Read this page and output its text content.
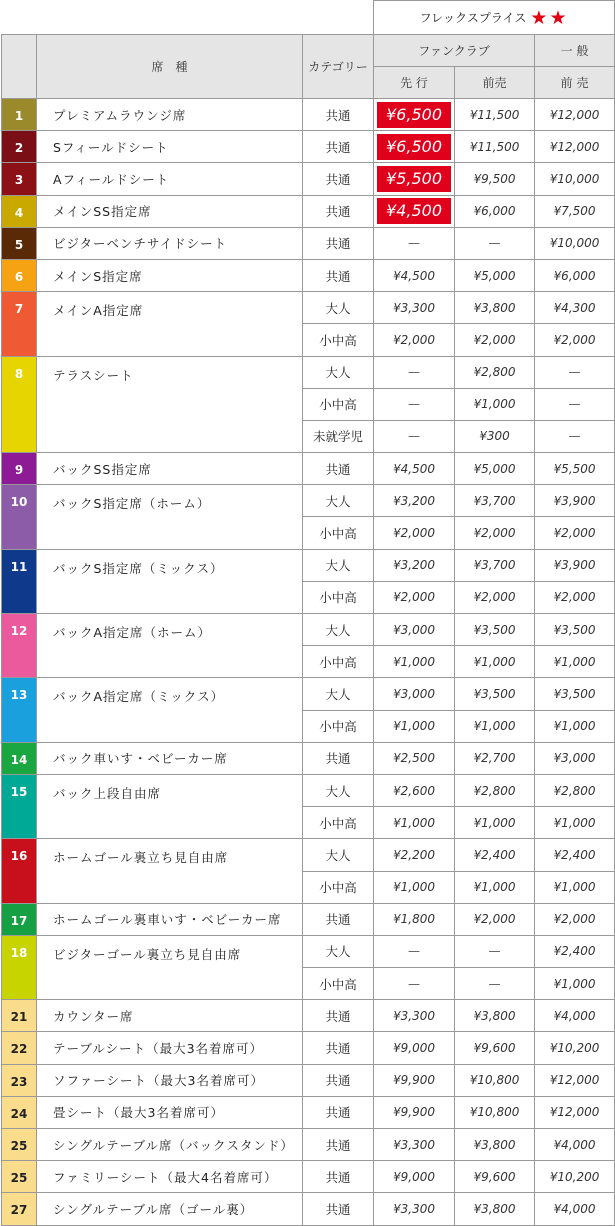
			フレックスプライス ★★		
	席　種	カテゴリー	ファンクラブ		一 般
			先 行	前売	前 売
1	プレミアムラウンジ席	共通	¥6,500	¥11,500	¥12,000
2	Sフィールドシート	共通	¥6,500	¥11,500	¥12,000
3	Aフィールドシート	共通	¥5,500	¥9,500	¥10,000
4	メインSS指定席	共通	¥4,500	¥6,000	¥7,500
5	ビジターベンチサイドシート	共通	—	—	¥10,000
6	メインS指定席	共通	¥4,500	¥5,000	¥6,000
7	メインA指定席	大人	¥3,300	¥3,800	¥4,300
		小中高	¥2,000	¥2,000	¥2,000
8	テラスシート	大人	—	¥2,800	—
		小中高	—	¥1,000	—
		未就学児	—	¥300	—
9	バックSS指定席	共通	¥4,500	¥5,000	¥5,500
10	バックS指定席（ホーム）	大人	¥3,200	¥3,700	¥3,900
		小中高	¥2,000	¥2,000	¥2,000
11	バックS指定席（ミックス）	大人	¥3,200	¥3,700	¥3,900
		小中高	¥2,000	¥2,000	¥2,000
12	バックA指定席（ホーム）	大人	¥3,000	¥3,500	¥3,500
		小中高	¥1,000	¥1,000	¥1,000
13	バックA指定席（ミックス）	大人	¥3,000	¥3,500	¥3,500
		小中高	¥1,000	¥1,000	¥1,000
14	バック車いす・ベビーカー席	共通	¥2,500	¥2,700	¥3,000
15	バック上段自由席	大人	¥2,600	¥2,800	¥2,800
		小中高	¥1,000	¥1,000	¥1,000
16	ホームゴール裏立ち見自由席	大人	¥2,200	¥2,400	¥2,400
		小中高	¥1,000	¥1,000	¥1,000
17	ホームゴール裏車いす・ベビーカー席	共通	¥1,800	¥2,000	¥2,000
18	ビジターゴール裏立ち見自由席	大人	—	—	¥2,400
		小中高	—	—	¥1,000
21	カウンター席	共通	¥3,300	¥3,800	¥4,000
22	テーブルシート（最大3名着席可）	共通	¥9,000	¥9,600	¥10,200
23	ソファーシート（最大3名着席可）	共通	¥9,900	¥10,800	¥12,000
24	畳シート（最大3名着席可）	共通	¥9,900	¥10,800	¥12,000
25	シングルテーブル席（バックスタンド）	共通	¥3,300	¥3,800	¥4,000
25	ファミリーシート（最大4名着席可）	共通	¥9,000	¥9,600	¥10,200
27	シングルテーブル席（ゴール裏）	共通	¥3,300	¥3,800	¥4,000
